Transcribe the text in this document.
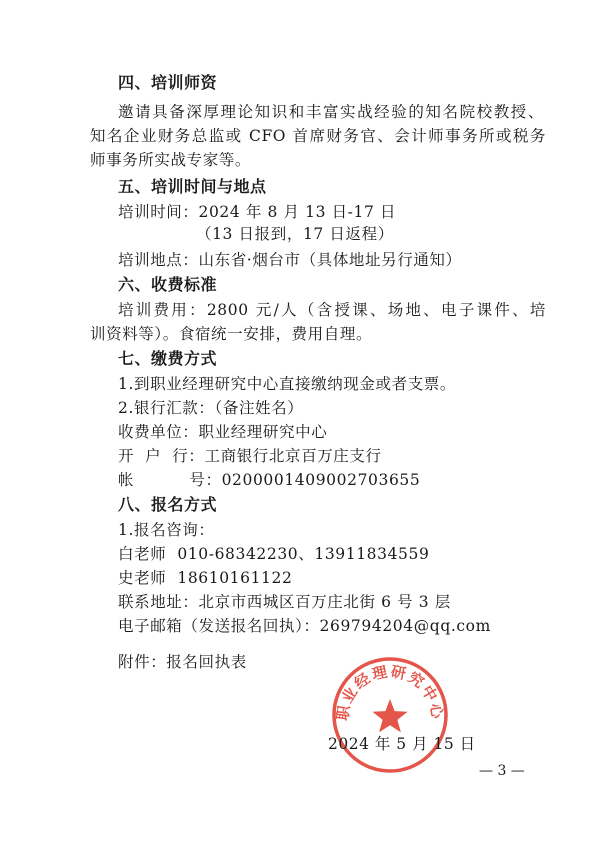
四、培训师资
邀请具备深厚理论知识和丰富实战经验的知名院校教授、
知名企业财务总监或 CFO 首席财务官、会计师事务所或税务
师事务所实战专家等。
五、培训时间与地点
培训时间：2024 年 8 月 13 日-17 日
（13 日报到，17 日返程）
培训地点：山东省·烟台市（具体地址另行通知）
六、收费标准
培训费用：2800 元/人（含授课、场地、电子课件、培
训资料等）。食宿统一安排，费用自理。
七、缴费方式
1.到职业经理研究中心直接缴纳现金或者支票。
2.银行汇款：（备注姓名）
收费单位：职业经理研究中心
开  户  行：工商银行北京百万庄支行
帐          号：0200001409002703655
八、报名方式
1.报名咨询：
白老师  010-68342230、13911834559
史老师  18610161122
联系地址：北京市西城区百万庄北街 6 号 3 层
电子邮箱（发送报名回执）：269794204@qq.com
附件：报名回执表
职业经理研究中心
2024 年 5 月 15 日
— 3 —
